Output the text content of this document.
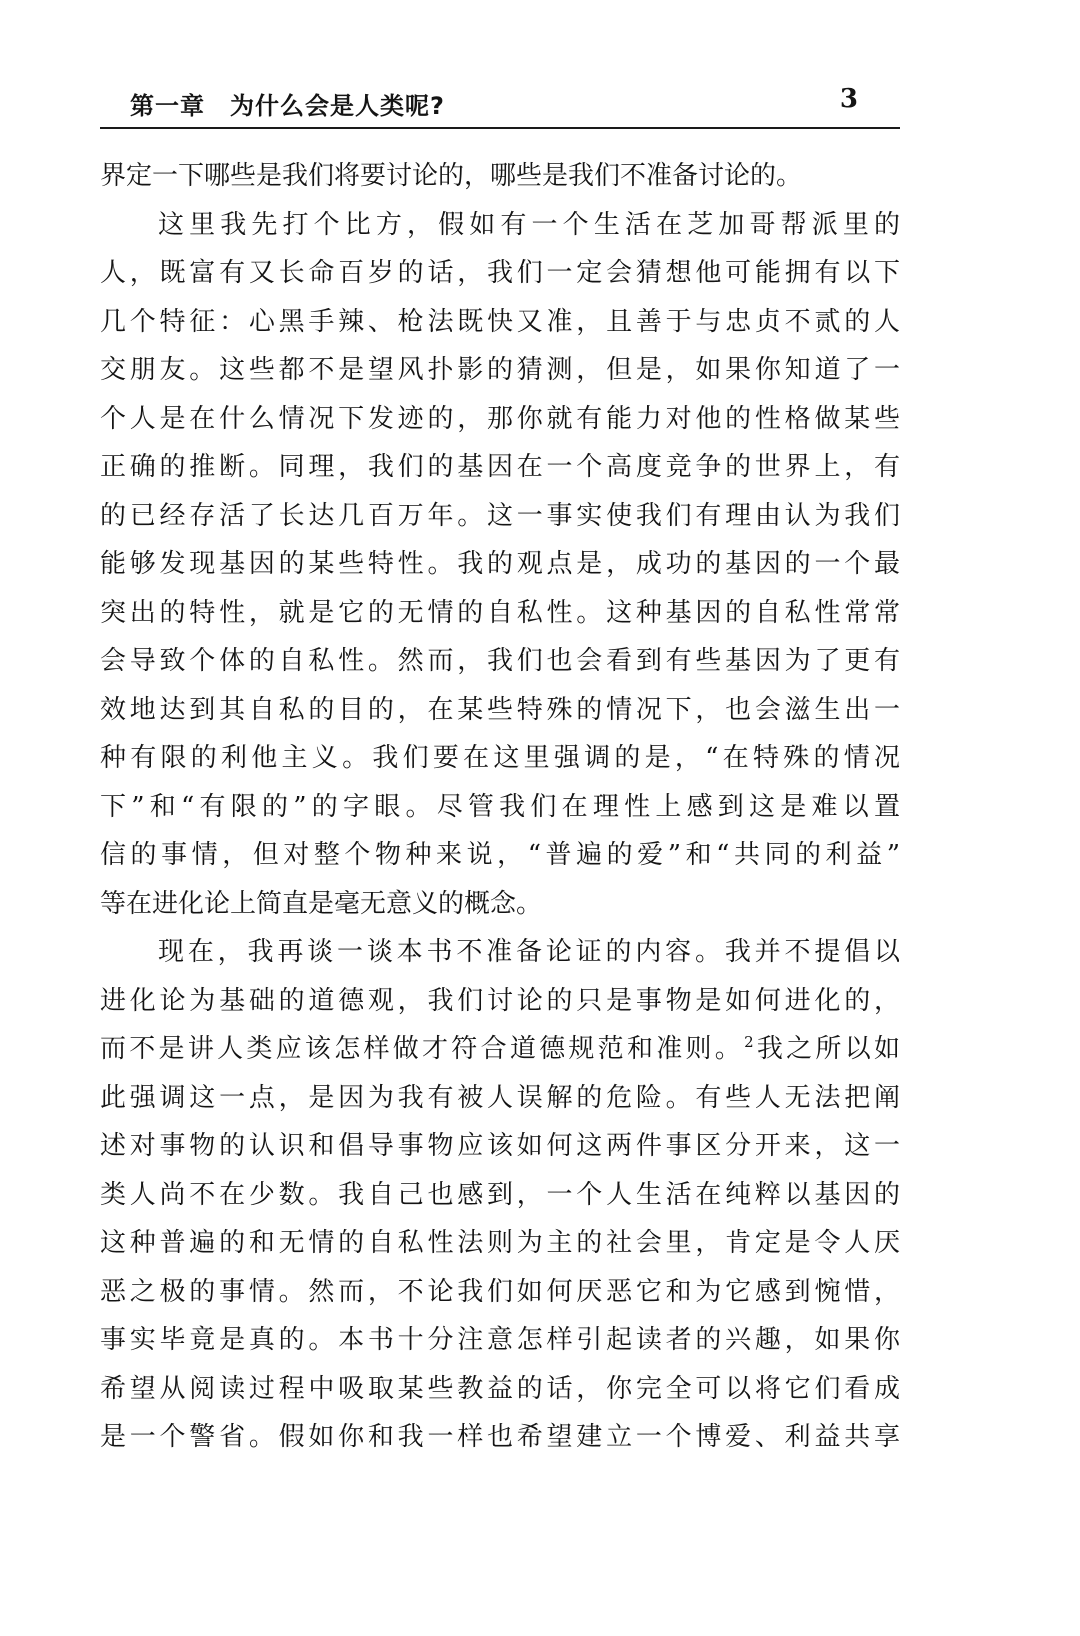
第一章　为什么会是人类呢?	3
界定一下哪些是我们将要讨论的，哪些是我们不准备讨论的。
这里我先打个比方，假如有一个生活在芝加哥帮派里的
人，既富有又长命百岁的话，我们一定会猜想他可能拥有以下
几个特征：心黑手辣、枪法既快又准，且善于与忠贞不贰的人
交朋友。这些都不是望风扑影的猜测，但是，如果你知道了一
个人是在什么情况下发迹的，那你就有能力对他的性格做某些
正确的推断。同理，我们的基因在一个高度竞争的世界上，有
的已经存活了长达几百万年。这一事实使我们有理由认为我们
能够发现基因的某些特性。我的观点是，成功的基因的一个最
突出的特性，就是它的无情的自私性。这种基因的自私性常常
会导致个体的自私性。然而，我们也会看到有些基因为了更有
效地达到其自私的目的，在某些特殊的情况下，也会滋生出一
种有限的利他主义。我们要在这里强调的是，“在特殊的情况
下”和“有限的”的字眼。尽管我们在理性上感到这是难以置
信的事情，但对整个物种来说，“普遍的爱”和“共同的利益”
等在进化论上简直是毫无意义的概念。
现在，我再谈一谈本书不准备论证的内容。我并不提倡以
进化论为基础的道德观，我们讨论的只是事物是如何进化的，
而不是讲人类应该怎样做才符合道德规范和准则。$^2$我之所以如
此强调这一点，是因为我有被人误解的危险。有些人无法把阐
述对事物的认识和倡导事物应该如何这两件事区分开来，这一
类人尚不在少数。我自己也感到，一个人生活在纯粹以基因的
这种普遍的和无情的自私性法则为主的社会里，肯定是令人厌
恶之极的事情。然而，不论我们如何厌恶它和为它感到惋惜，
事实毕竟是真的。本书十分注意怎样引起读者的兴趣，如果你
希望从阅读过程中吸取某些教益的话，你完全可以将它们看成
是一个警省。假如你和我一样也希望建立一个博爱、利益共享
